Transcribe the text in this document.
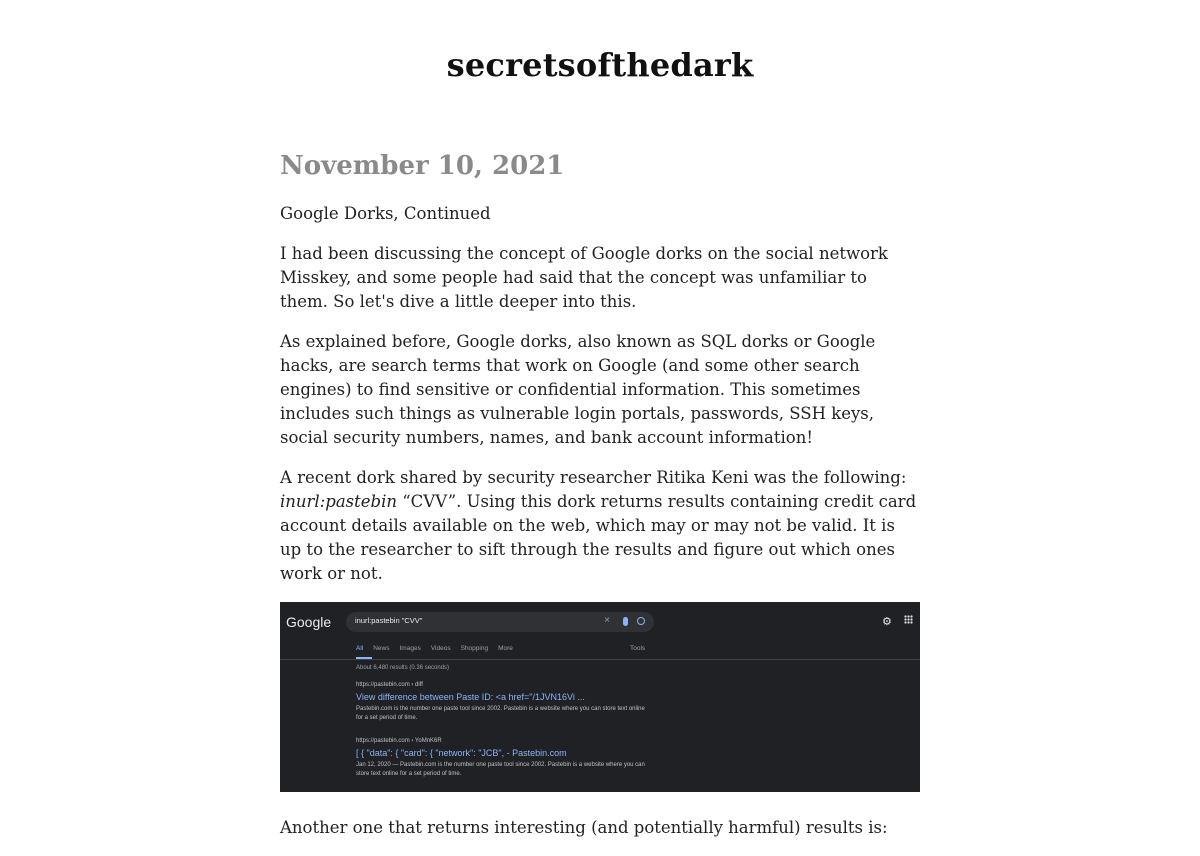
secretsofthedark
November 10, 2021

Google Dorks, Continued

I had been discussing the concept of Google dorks on the social network Misskey, and some people had said that the concept was unfamiliar to them. So let's dive a little deeper into this.

As explained before, Google dorks, also known as SQL dorks or Google hacks, are search terms that work on Google (and some other search engines) to find sensitive or confidential information. This sometimes includes such things as vulnerable login portals, passwords, SSH keys, social security numbers, names, and bank account information!

A recent dork shared by security researcher Ritika Keni was the following:
inurl:pastebin “CVV”. Using this dork returns results containing credit card account details available on the web, which may or may not be valid. It is up to the researcher to sift through the results and figure out which ones work or not.

Google	inurl:pastebin "CVV"	×	⚙
All News Images Videos Shopping More	Tools
About 6,480 results (0.36 seconds)
https://pastebin.com › diff
View difference between Paste ID: <a href="/1JVN16Vi ...
Pastebin.com is the number one paste tool since 2002. Pastebin is a website where you can store text online for a set period of time.
https://pastebin.com › YoMnK6R
[ { "data": { "card": { "network": "JCB", - Pastebin.com
Jan 12, 2020 — Pastebin.com is the number one paste tool since 2002. Pastebin is a website where you can store text online for a set period of time.

Another one that returns interesting (and potentially harmful) results is:
